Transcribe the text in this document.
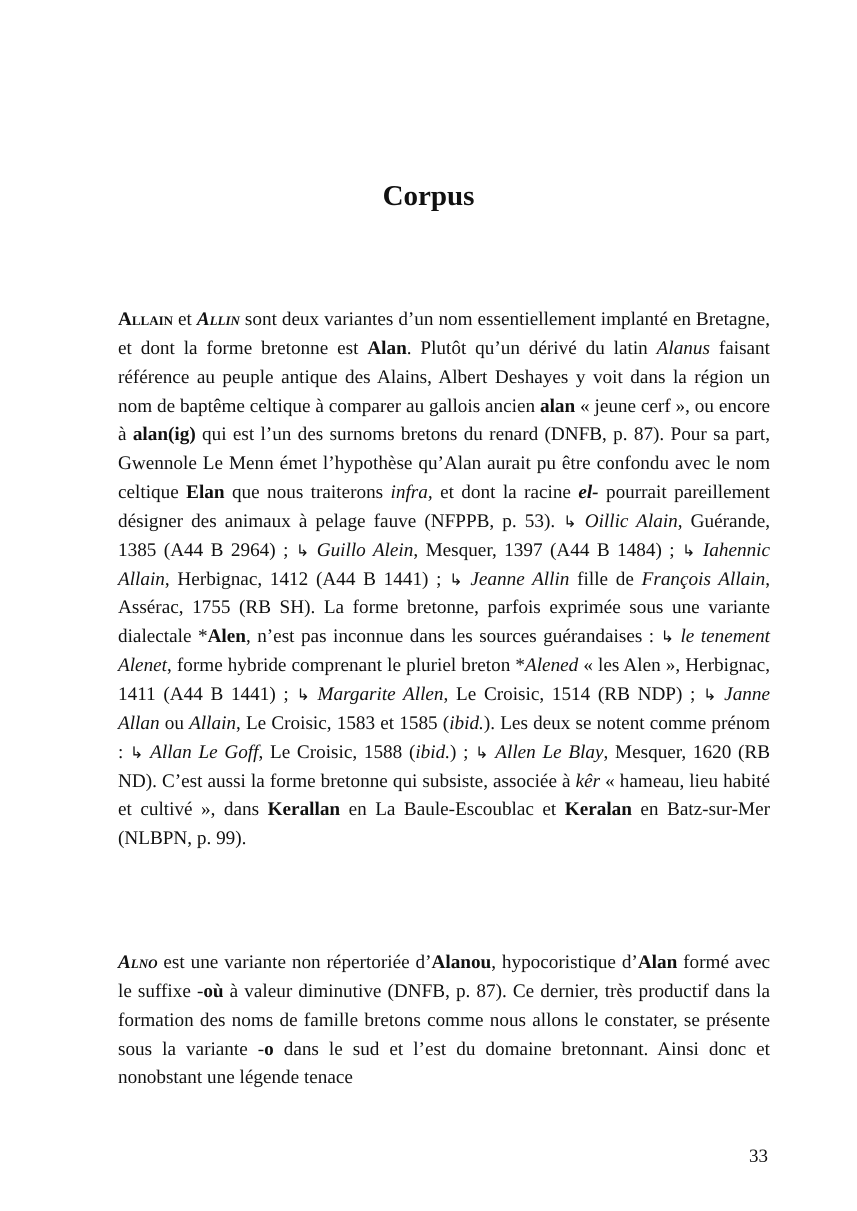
Corpus

Allain et Allin sont deux variantes d’un nom essentiellement implanté en Bretagne, et dont la forme bretonne est Alan. Plutôt qu’un dérivé du latin Alanus faisant référence au peuple antique des Alains, Albert Deshayes y voit dans la région un nom de baptême celtique à comparer au gallois ancien alan « jeune cerf », ou encore à alan(ig) qui est l’un des surnoms bretons du renard (DNFB, p. 87). Pour sa part, Gwennole Le Menn émet l’hypothèse qu’Alan aurait pu être confondu avec le nom celtique Elan que nous traiterons infra, et dont la racine el- pourrait pareillement désigner des animaux à pelage fauve (NFPPB, p. 53). ↳ Oillic Alain, Guérande, 1385 (A44 B 2964) ; ↳ Guillo Alein, Mesquer, 1397 (A44 B 1484) ; ↳ Iahennic Allain, Herbignac, 1412 (A44 B 1441) ; ↳ Jeanne Allin fille de François Allain, Assérac, 1755 (RB SH). La forme bretonne, parfois exprimée sous une variante dialectale *Alen, n’est pas inconnue dans les sources guérandaises : ↳ le tenement Alenet, forme hybride comprenant le pluriel breton *Alened « les Alen », Herbignac, 1411 (A44 B 1441) ; ↳ Margarite Allen, Le Croisic, 1514 (RB NDP) ; ↳ Janne Allan ou Allain, Le Croisic, 1583 et 1585 (ibid.). Les deux se notent comme prénom : ↳ Allan Le Goff, Le Croisic, 1588 (ibid.) ; ↳ Allen Le Blay, Mesquer, 1620 (RB ND). C’est aussi la forme bretonne qui subsiste, associée à kêr « hameau, lieu habité et cultivé », dans Kerallan en La Baule-Escoublac et Keralan en Batz-sur-Mer (NLBPN, p. 99).

Alno est une variante non répertoriée d’Alanou, hypocoristique d’Alan formé avec le suffixe -où à valeur diminutive (DNFB, p. 87). Ce dernier, très productif dans la formation des noms de famille bretons comme nous allons le constater, se présente sous la variante -o dans le sud et l’est du domaine bretonnant. Ainsi donc et nonobstant une légende tenace

33
